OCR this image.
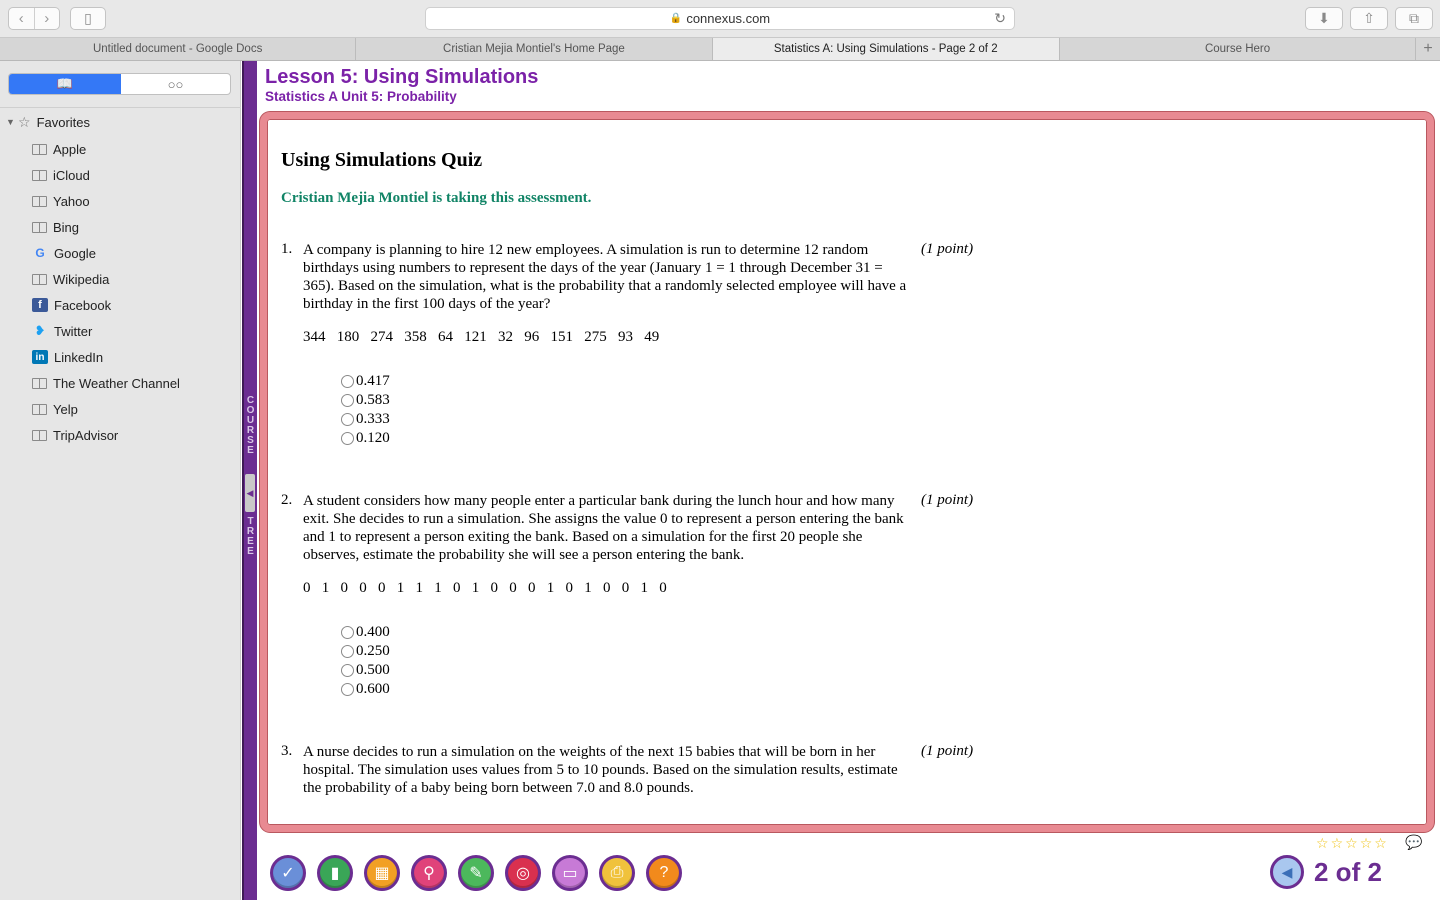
‹	›	▯	🔒 connexus.com	↻	⬇	⇧	⧉
Untitled document - Google Docs	Cristian Mejia Montiel's Home Page	Statistics A: Using Simulations - Page 2 of 2	Course Hero	+
📖	○○
▼ ☆ Favorites
Apple
iCloud
Yahoo
Bing
G Google
Wikipedia
f Facebook
❥ Twitter
in LinkedIn
The Weather Channel
Yelp
TripAdvisor
C
O
U
R
S
E
◀
T
R
E
E
Lesson 5: Using Simulations
Statistics A Unit 5: Probability
Using Simulations Quiz
Cristian Mejia Montiel is taking this assessment.
1. A company is planning to hire 12 new employees. A simulation is run to determine 12 random birthdays using numbers to represent the days of the year (January 1 = 1 through December 31 = 365). Based on the simulation, what is the probability that a randomly selected employee will have a birthday in the first 100 days of the year?
(1 point)
344   180   274   358   64   121   32   96   151   275   93   49
0.417
0.583
0.333
0.120
2. A student considers how many people enter a particular bank during the lunch hour and how many exit. She decides to run a simulation. She assigns the value 0 to represent a person entering the bank and 1 to represent a person exiting the bank. Based on a simulation for the first 20 people she observes, estimate the probability she will see a person entering the bank.
(1 point)
0   1   0   0   0   1   1   1   0   1   0   0   0   1   0   1   0   0   1   0
0.400
0.250
0.500
0.600
3. A nurse decides to run a simulation on the weights of the next 15 babies that will be born in her hospital. The simulation uses values from 5 to 10 pounds. Based on the simulation results, estimate the probability of a baby being born between 7.0 and 8.0 pounds.
(1 point)
☆ ☆ ☆ ☆ ☆ 💬
✓	▮	▦	⚲	✎	◎	▭	⎙	?	◀ 2 of 2
